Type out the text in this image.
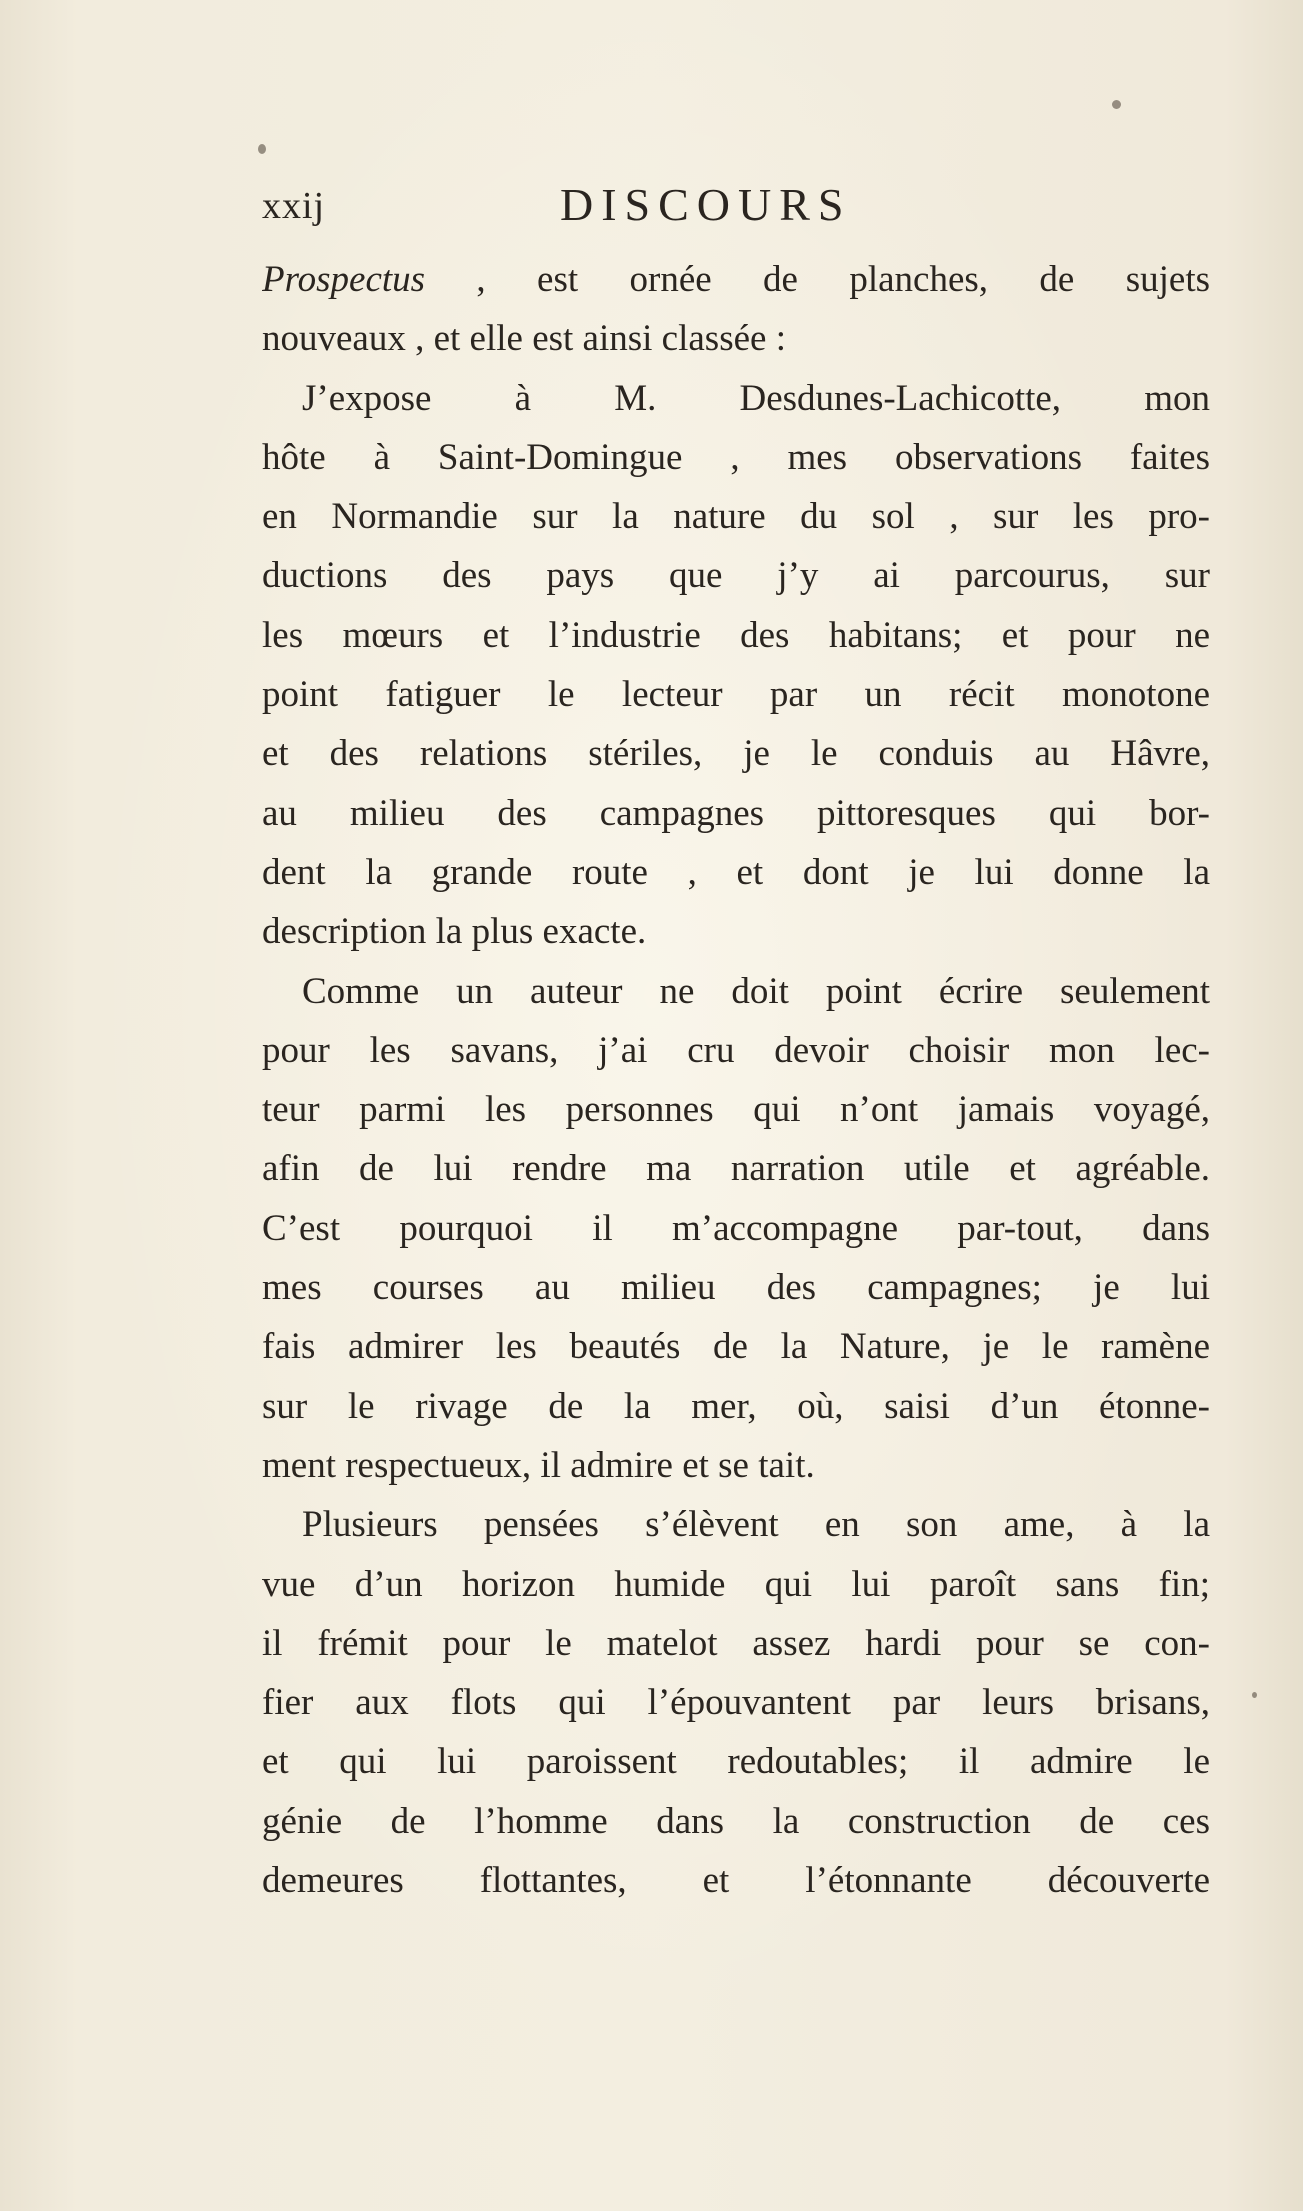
xxij	DISCOURS
Prospectus , est ornée de planches, de sujets
nouveaux , et elle est ainsi classée :
J’expose à M. Desdunes-Lachicotte, mon
hôte à Saint-Domingue , mes observations faites
en Normandie sur la nature du sol , sur les pro-
ductions des pays que j’y ai parcourus, sur
les mœurs et l’industrie des habitans; et pour ne
point fatiguer le lecteur par un récit monotone
et des relations stériles, je le conduis au Hâvre,
au milieu des campagnes pittoresques qui bor-
dent la grande route , et dont je lui donne la
description la plus exacte.
Comme un auteur ne doit point écrire seulement
pour les savans, j’ai cru devoir choisir mon lec-
teur parmi les personnes qui n’ont jamais voyagé,
afin de lui rendre ma narration utile et agréable.
C’est pourquoi il m’accompagne par-tout, dans
mes courses au milieu des campagnes; je lui
fais admirer les beautés de la Nature, je le ramène
sur le rivage de la mer, où, saisi d’un étonne-
ment respectueux, il admire et se tait.
Plusieurs pensées s’élèvent en son ame, à la
vue d’un horizon humide qui lui paroît sans fin;
il frémit pour le matelot assez hardi pour se con-
fier aux flots qui l’épouvantent par leurs brisans,
et qui lui paroissent redoutables; il admire le
génie de l’homme dans la construction de ces
demeures flottantes, et l’étonnante découverte
